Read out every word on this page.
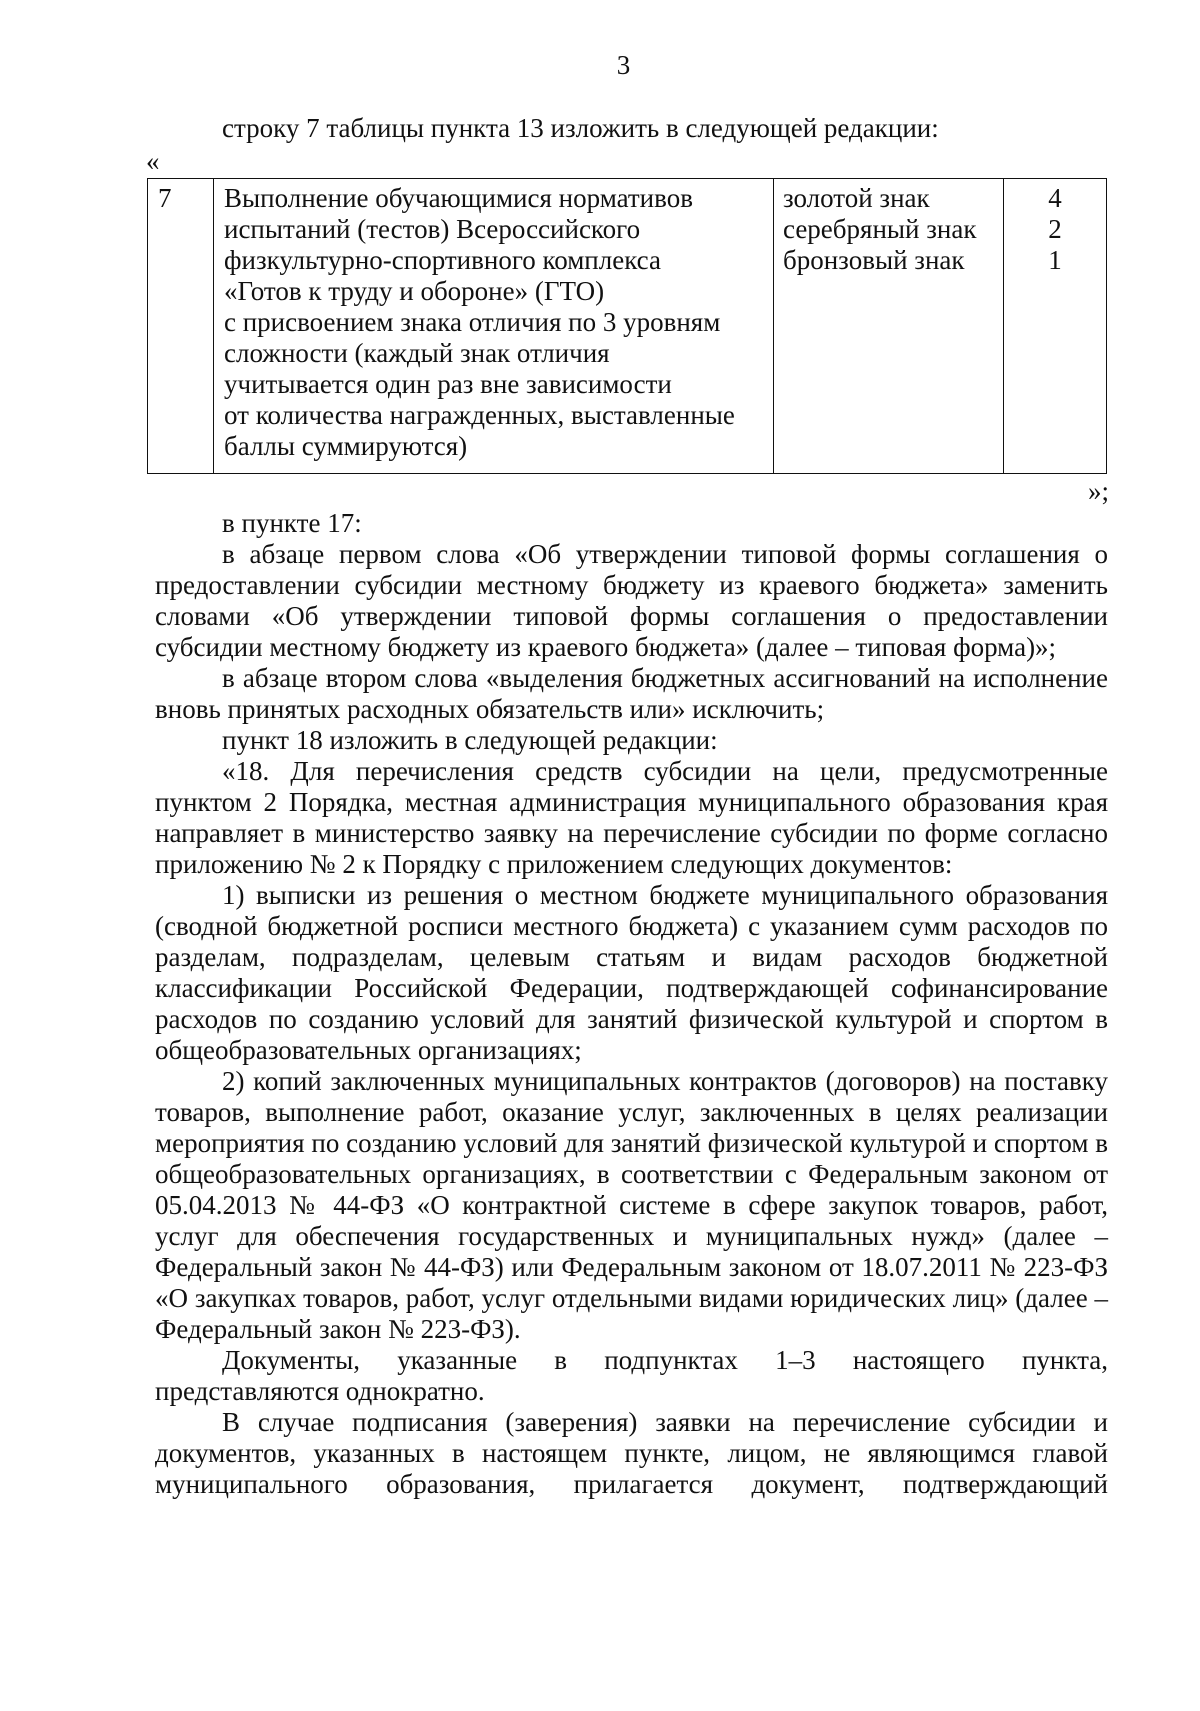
3
строку 7 таблицы пункта 13 изложить в следующей редакции:
«
7	Выполнение обучающимися нормативов
испытаний (тестов) Всероссийского
физкультурно-спортивного комплекса
«Готов к труду и обороне» (ГТО)
с присвоением знака отличия по 3 уровням
сложности (каждый знак отличия
учитывается один раз вне зависимости
от количества награжденных, выставленные
баллы суммируются)
золотой знак
серебряный знак
бронзовый знак
4
2
1
»;

в пункте 17:

в абзаце первом слова «Об утверждении типовой формы соглашения о предоставлении субсидии местному бюджету из краевого бюджета» заменить словами «Об утверждении типовой формы соглашения о предоставлении субсидии местному бюджету из краевого бюджета» (далее – типовая форма)»;

в абзаце втором слова «выделения бюджетных ассигнований на исполнение вновь принятых расходных обязательств или» исключить;

пункт 18 изложить в следующей редакции:

«18. Для перечисления средств субсидии на цели, предусмотренные пунктом 2 Порядка, местная администрация муниципального образования края направляет в министерство заявку на перечисление субсидии по форме согласно приложению № 2 к Порядку с приложением следующих документов:

1) выписки из решения о местном бюджете муниципального образования (сводной бюджетной росписи местного бюджета) с указанием сумм расходов по разделам, подразделам, целевым статьям и видам расходов бюджетной классификации Российской Федерации, подтверждающей софинансирование расходов по созданию условий для занятий физической культурой и спортом в общеобразовательных организациях;

2) копий заключенных муниципальных контрактов (договоров) на поставку товаров, выполнение работ, оказание услуг, заключенных в целях реализации мероприятия по созданию условий для занятий физической культурой и спортом в общеобразовательных организациях, в соответствии с Федеральным законом от 05.04.2013 № 44-ФЗ «О контрактной системе в сфере закупок товаров, работ, услуг для обеспечения государственных и муниципальных нужд» (далее – Федеральный закон № 44-ФЗ) или Федеральным законом от 18.07.2011 № 223-ФЗ «О закупках товаров, работ, услуг отдельными видами юридических лиц» (далее – Федеральный закон № 223-ФЗ).

Документы, указанные в подпунктах 1–3 настоящего пункта, представляются однократно.

В случае подписания (заверения) заявки на перечисление субсидии и документов, указанных в настоящем пункте, лицом, не являющимся главой муниципального образования, прилагается документ, подтверждающий
